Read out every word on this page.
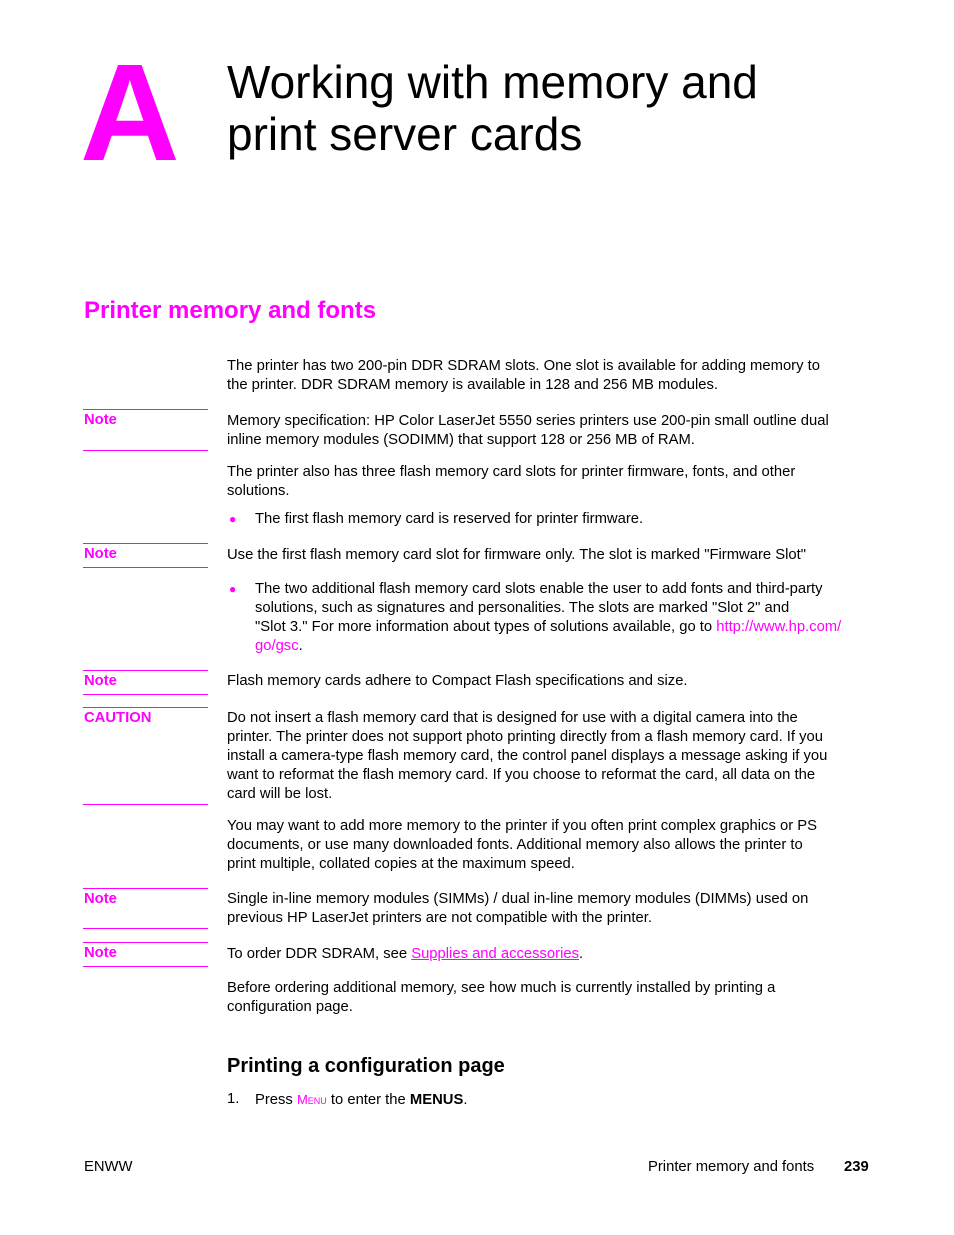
A Working with memory and
print server cards
Printer memory and fonts
The printer has two 200-pin DDR SDRAM slots. One slot is available for adding memory to
the printer. DDR SDRAM memory is available in 128 and 256 MB modules.
Note	Memory specification: HP Color LaserJet 5550 series printers use 200-pin small outline dual
inline memory modules (SODIMM) that support 128 or 256 MB of RAM.
The printer also has three flash memory card slots for printer firmware, fonts, and other
solutions.
● The first flash memory card is reserved for printer firmware.
Note	Use the first flash memory card slot for firmware only. The slot is marked "Firmware Slot"
● The two additional flash memory card slots enable the user to add fonts and third-party
solutions, such as signatures and personalities. The slots are marked "Slot 2" and
"Slot 3." For more information about types of solutions available, go to http://www.hp.com/
go/gsc.
Note	Flash memory cards adhere to Compact Flash specifications and size.
CAUTION	Do not insert a flash memory card that is designed for use with a digital camera into the
printer. The printer does not support photo printing directly from a flash memory card. If you
install a camera-type flash memory card, the control panel displays a message asking if you
want to reformat the flash memory card. If you choose to reformat the card, all data on the
card will be lost.
You may want to add more memory to the printer if you often print complex graphics or PS
documents, or use many downloaded fonts. Additional memory also allows the printer to
print multiple, collated copies at the maximum speed.
Note	Single in-line memory modules (SIMMs) / dual in-line memory modules (DIMMs) used on
previous HP LaserJet printers are not compatible with the printer.
Note	To order DDR SDRAM, see Supplies and accessories.
Before ordering additional memory, see how much is currently installed by printing a
configuration page.
Printing a configuration page
1.	Press Menu to enter the MENUS.
ENWW	Printer memory and fonts 239
